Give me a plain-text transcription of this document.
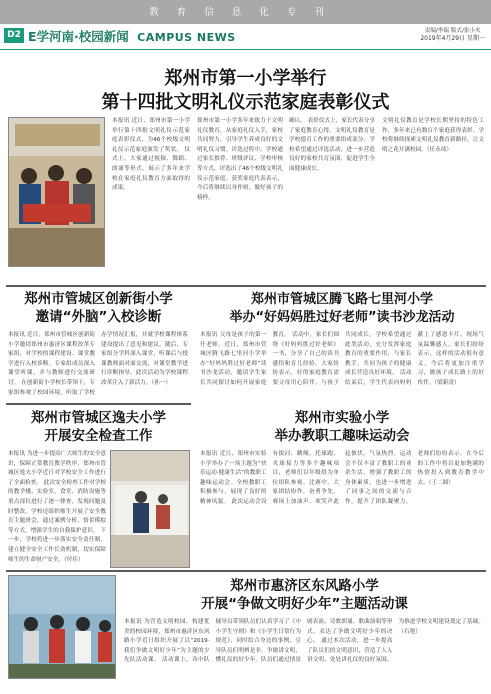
教育信息化专刊
D2 E学河南·校园新闻 CAMPUS NEWS	责编/李瑞 版式/张小夹
2019年4月29日 星期一
郑州市第一小学举行
第十四批文明礼仪示范家庭表彰仪式
本报讯 近日，郑州市第一小学举行第十四批文明礼仪示范家庭表彰仪式，为46个校级文明礼仪示范家庭颁发了奖状。 仪式上，大家通过视频、舞蹈、朗诵等形式，展示了多年来学校在家庭礼仪教育方面取得的成果。
郑州市第一小学多年来致力于文明礼仪教育，从家庭礼仪入手，家校共同努力，引导学生养成良好的文明礼仪习惯。评选过程中，学校通过家长推荐、班级评议、学校审核等方式，评选出了46个校级文明礼仪示范家庭。获奖家庭代表表示，今后将继续以身作则，做好孩子的榜样。
确认。 表彰仪式上，家长代表分享了家庭教育心得。文明礼仪教育是学校德育工作的重要组成部分，学校希望通过评选活动，进一步营造良好的家校共育氛围，促进学生全面健康成长。
文明礼仪教育是学校长期坚持的特色工作，多年来已有数百个家庭获得表彰。学校将继续探索文明礼仪教育新路径，让文明之花开满校园。（任永琦）
郑州市管城区创新街小学
邀请“外脑”入校诊断
本报讯 近日，郑州市管城区创新街小学邀请郑州市惠济区课程改革专家组，对学校的课程建设、课堂教学进行入校诊断。专家组成员深入课堂听课，并与教师进行交流研讨。 在创新街小学校长带领下，专家组参观了校园环境，听取了学校办学情况汇报，并就学校课程体系建设提出了意见和建议。随后，专家组分学科深入课堂，听课后与授课教师面对面交流，对课堂教学进行诊断指导。此次活动为学校课程改革注入了新活力。（孙一）
郑州市管城区腾飞路七里河小学
举办“好妈妈胜过好老师”读书沙龙活动
本报讯 父母是孩子的第一任老师。近日，郑州市管城区腾飞路七里河小学举办“好妈妈胜过好老师”读书沙龙活动，邀请学生家长共同探讨如何开展家庭教育。 活动中，家长们围绕《好妈妈胜过好老师》一书，分享了自己的读书感悟和育儿经验。大家纷纷表示，好的家庭教育需要父母用心陪伴，与孩子共同成长。学校希望通过此类活动，充分发挥家庭教育的重要作用，与家长携手，共同为孩子的健康成长营造良好环境。 活动结束后，学生代表向妈妈献上了感恩卡片，现场气氛温馨感人。家长们纷纷表示，这样的活动很有意义，今后将更加注重学习，做孩子成长路上的好伙伴。（梁新凌）
郑州市管城区逸夫小学
开展安全检查工作
本报讯 为进一步提高广大师生的安全意识，保障正常教育教学秩序，郑州市管城区逸夫小学近日对学校安全工作进行了全面检查。 此次安全检查工作对学校的教学楼、实验室、食堂、消防设施等重点部位进行了逐一排查，发现问题及时整改。学校还组织师生开展了安全教育主题班会，通过案例分析、情景模拟等方式，增强学生的自我保护意识。 下一步，学校将进一步落实安全责任制，建立健全安全工作长效机制，切实保障师生的生命财产安全。（付佳）
郑州市实验小学
举办教职工趣味运动会
本报讯 近日，郑州市实验小学举办了一场主题为“快乐运动·健康生活”的教职工趣味运动会。全校教职工积极参与，展现了良好的精神风貌。 此次运动会设有拔河、跳绳、托球跑、夹球接力等多个趣味项目，老师们以年级组为单位组队参赛。比赛中，大家团结协作，奋勇争先，赛场上加油声、欢笑声此起彼伏，气氛热烈。运动会不仅丰富了教职工的业余生活，增强了教职工的身体素质，也进一步增进了同事之间的交流与合作，提升了团队凝聚力。老师们纷纷表示，在今后的工作中将以更加饱满的热情投入到教育教学中去。（王二圆）
郑州市惠济区东风路小学
开展“争做文明好少年”主题活动课
本报讯 为营造文明校园，构建优美的校园环境，郑州市惠济区东风路小学近日组织开展了以“2019·我们争做文明好少年”为主题的少先队活动课。 活动课上，各中队辅导员带领队员们认真学习了《中小学生守则》和《小学生日常行为规范》，同时结合身边的事例，引导队员们明辨是非，争做讲文明、懂礼仪的好少年。队员们通过情景剧表演、诗歌朗诵、歌曲演唱等形式，表达了争做文明好少年的决心。 通过本次活动，进一步提高了队员们的文明意识，营造了人人讲文明、处处讲礼仪的良好氛围，为推进学校文明建设奠定了基础。（石艳）
